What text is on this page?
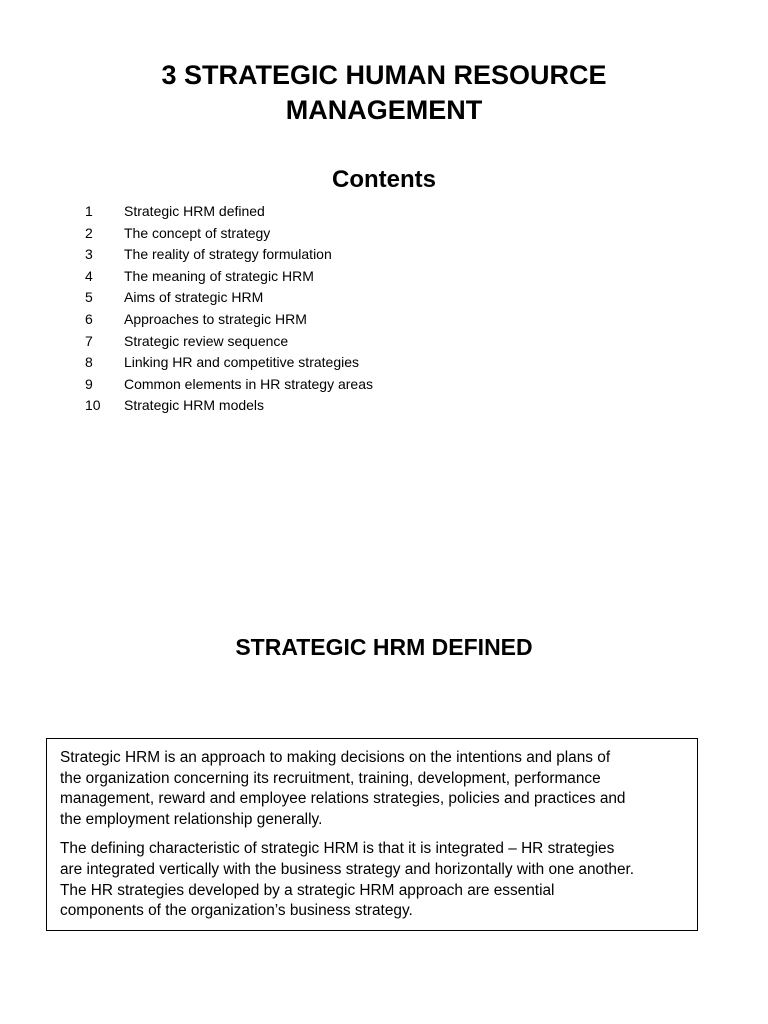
3 STRATEGIC HUMAN RESOURCE
MANAGEMENT
Contents
1 Strategic HRM defined
2 The concept of strategy
3 The reality of strategy formulation
4 The meaning of strategic HRM
5 Aims of strategic HRM
6 Approaches to strategic HRM
7 Strategic review sequence
8 Linking HR and competitive strategies
9 Common elements in HR strategy areas
10 Strategic HRM models
STRATEGIC HRM DEFINED

Strategic HRM is an approach to making decisions on the intentions and plans of
the organization concerning its recruitment, training, development, performance
management, reward and employee relations strategies, policies and practices and
the employment relationship generally.

The defining characteristic of strategic HRM is that it is integrated – HR strategies
are integrated vertically with the business strategy and horizontally with one another.
The HR strategies developed by a strategic HRM approach are essential
components of the organization’s business strategy.
